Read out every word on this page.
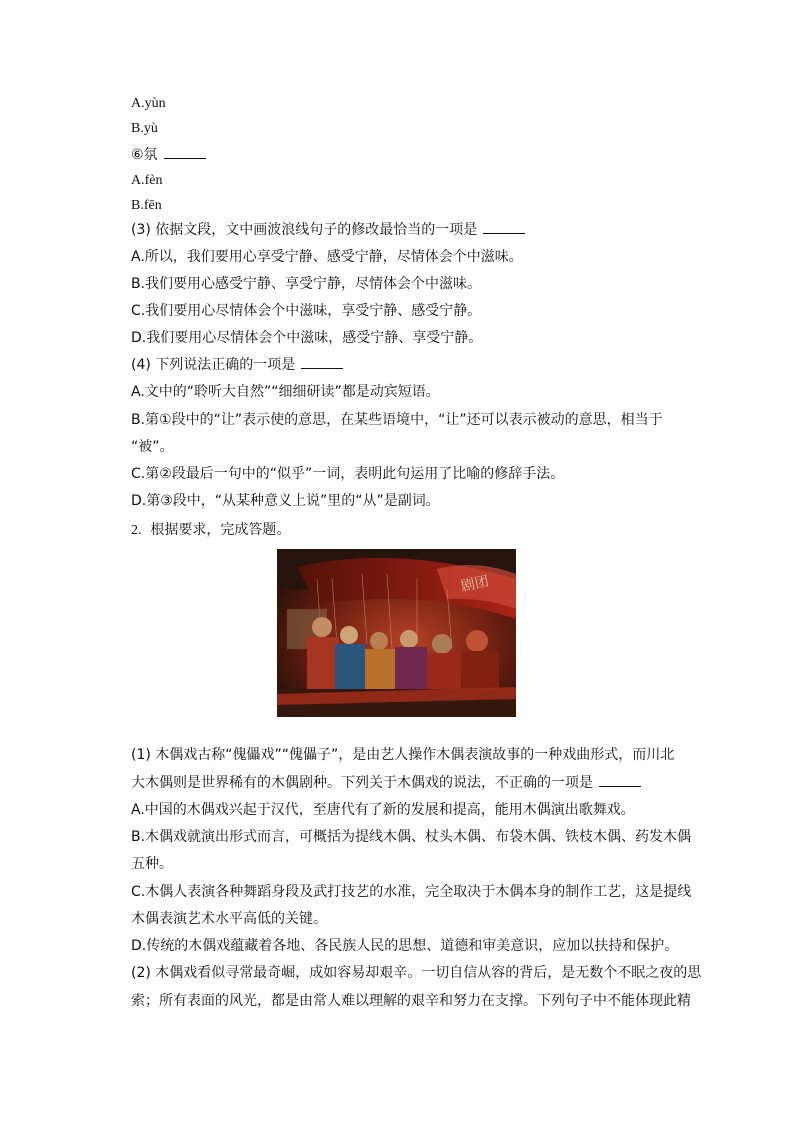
A.yùn
B.yù
⑥氛
A.fèn
B.fēn
(3) 依据文段，文中画波浪线句子的修改最恰当的一项是
A.所以，我们要用心享受宁静、感受宁静，尽情体会个中滋味。
B.我们要用心感受宁静、享受宁静，尽情体会个中滋味。
C.我们要用心尽情体会个中滋味，享受宁静、感受宁静。
D.我们要用心尽情体会个中滋味，感受宁静、享受宁静。
(4) 下列说法正确的一项是
A.文中的“聆听大自然”“细细研读”都是动宾短语。
B.第①段中的“让”表示使的意思，在某些语境中，“让”还可以表示被动的意思，相当于
“被”。
C.第②段最后一句中的“似乎”一词，表明此句运用了比喻的修辞手法。
D.第③段中，“从某种意义上说”里的“从”是副词。
2. 根据要求，完成答题。
剧团
(1) 木偶戏古称“傀儡戏”“傀儡子”，是由艺人操作木偶表演故事的一种戏曲形式，而川北
大木偶则是世界稀有的木偶剧种。下列关于木偶戏的说法，不正确的一项是
A.中国的木偶戏兴起于汉代，至唐代有了新的发展和提高，能用木偶演出歌舞戏。
B.木偶戏就演出形式而言，可概括为提线木偶、杖头木偶、布袋木偶、铁枝木偶、药发木偶
五种。
C.木偶人表演各种舞蹈身段及武打技艺的水准，完全取决于木偶本身的制作工艺，这是提线
木偶表演艺术水平高低的关键。
D.传统的木偶戏蕴藏着各地、各民族人民的思想、道德和审美意识，应加以扶持和保护。
(2) 木偶戏看似寻常最奇崛，成如容易却艰辛。一切自信从容的背后，是无数个不眠之夜的思
索；所有表面的风光，都是由常人难以理解的艰辛和努力在支撑。下列句子中不能体现此精
